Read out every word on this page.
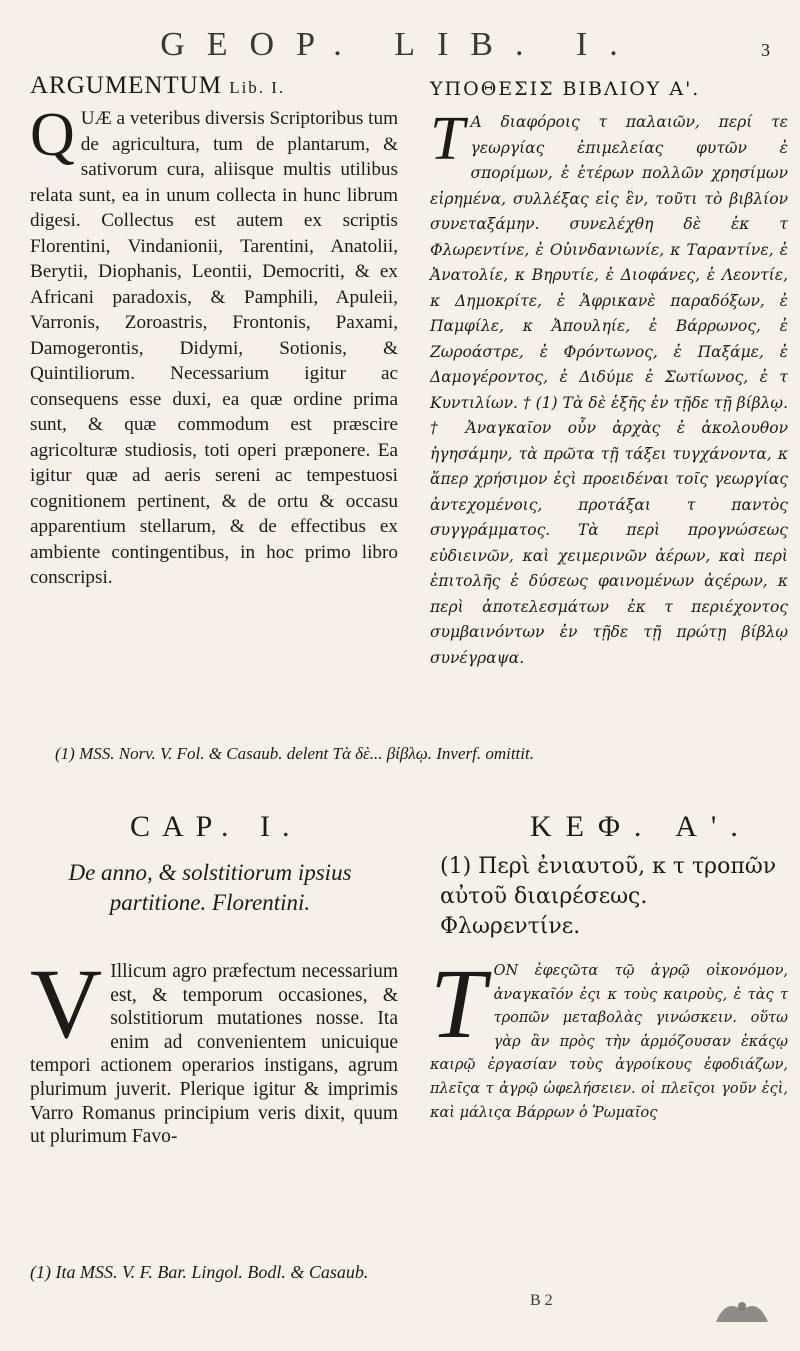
GEOP. LIB. I.	3
ARGUMENTUM Lib. I.

Q UÆ a veteribus diversis Scriptoribus tum de agricultura, tum de plantarum, & sativorum cura, aliisque multis utilibus relata sunt, ea in unum collecta in hunc librum digesi. Collectus est autem ex scriptis Florentini, Vindanionii, Tarentini, Anatolii, Berytii, Diophanis, Leontii, Democriti, & ex Africani paradoxis, & Pamphili, Apuleii, Varronis, Zoroastris, Frontonis, Paxami, Damogerontis, Didymi, Sotionis, & Quintiliorum. Necessarium igitur ac consequens esse duxi, ea quæ ordine prima sunt, & quæ commodum est præscire agricolturæ studiosis, toti operi præponere. Ea igitur quæ ad aeris sereni ac tempestuosi cognitionem pertinent, & de ortu & occasu apparentium stellarum, & de effectibus ex ambiente contingentibus, in hoc primo libro conscripsi.

ΥΠΟΘΕΣΙΣ ΒΙΒΛΙΟΥ Α'.

Τ Α διαφόροις τ παλαιῶν, περί τε γεωργίας ἐπιμελείας φυτῶν ἐ σπορίμων, ἐ ἑτέρων πολλῶν χρησίμων εἰρημένα, συλλέξας εἰς ἓν, τοῦτι τὸ βιβλίον συνεταξάμην. συνελέχθη δὲ ἐκ τ Φλωρεντίνε, ἐ Οὐινδανιωνίε, κ Ταραντίνε, ἐ Ἀνατολίε, κ Βηρυτίε, ἐ Διοφάνες, ἐ Λεοντίε, κ Δημοκρίτε, ἐ Ἀφρικανὲ παραδόξων, ἐ Παμφίλε, κ Ἀπουληίε, ἐ Βάρρωνος, ἐ Ζωροάστρε, ἐ Φρόντωνος, ἐ Παξάμε, ἐ Δαμογέροντος, ἐ Διδύμε ἐ Σωτίωνος, ἐ τ Κυντιλίων. † (1) Τὰ δὲ ἑξῆς ἐν τῇδε τῇ βίβλῳ. † Ἀναγκαῖον οὖν ἀρχὰς ἐ ἀκολουθον ἡγησάμην, τὰ πρῶτα τῇ τάξει τυγχάνοντα, κ ἅπερ χρήσιμον ἐςὶ προειδέναι τοῖς γεωργίας ἀντεχομένοις, προτάξαι τ παντὸς συγγράμματος. Τὰ περὶ προγνώσεως εὐδιεινῶν, καὶ χειμερινῶν ἀέρων, καὶ περὶ ἐπιτολῆς ἐ δύσεως φαινομένων ἀςέρων, κ περὶ ἀποτελεσμάτων ἐκ τ περιέχοντος συμβαινόντων ἐν τῇδε τῇ πρώτῃ βίβλῳ συνέγραψα.

(1) MSS. Norv. V. Fol. & Casaub. delent Τὰ δὲ... βίβλῳ. Inverf. omittit.
CAP. I.	ΚΕΦ. Α'.
De anno, & solstitiorum ipsius partitione. Florentini.
(1) Περὶ ἐνιαυτοῦ, κ τ τροπῶν αὐτοῦ διαιρέσεως. Φλωρεντίνε.

V Illicum agro præfectum necessarium est, & temporum occasiones, & solstitiorum mutationes nosse. Ita enim ad convenientem unicuique tempori actionem operarios instigans, agrum plurimum juverit. Plerique igitur & imprimis Varro Romanus principium veris dixit, quum ut plurimum Favo-

Τ ΟΝ ἐφεςῶτα τῷ ἀγρῷ οἰκονόμον, ἀναγκαῖόν ἐςι κ τοὺς καιροὺς, ἐ τὰς τ τροπῶν μεταβολὰς γινώσκειν. οὕτω γὰρ ἂν πρὸς τὴν ἁρμόζουσαν ἑκάςῳ καιρῷ ἐργασίαν τοὺς ἀγροίκους ἐφοδιάζων, πλεῖςα τ ἀγρῷ ὠφελήσειεν. οἱ πλεῖςοι γοῦν ἐςὶ, καὶ μάλιςα Βάρρων ὁ Ῥωμαῖος

(1) Ita MSS. V. F. Bar. Lingol. Bodl. & Casaub.
B 2
